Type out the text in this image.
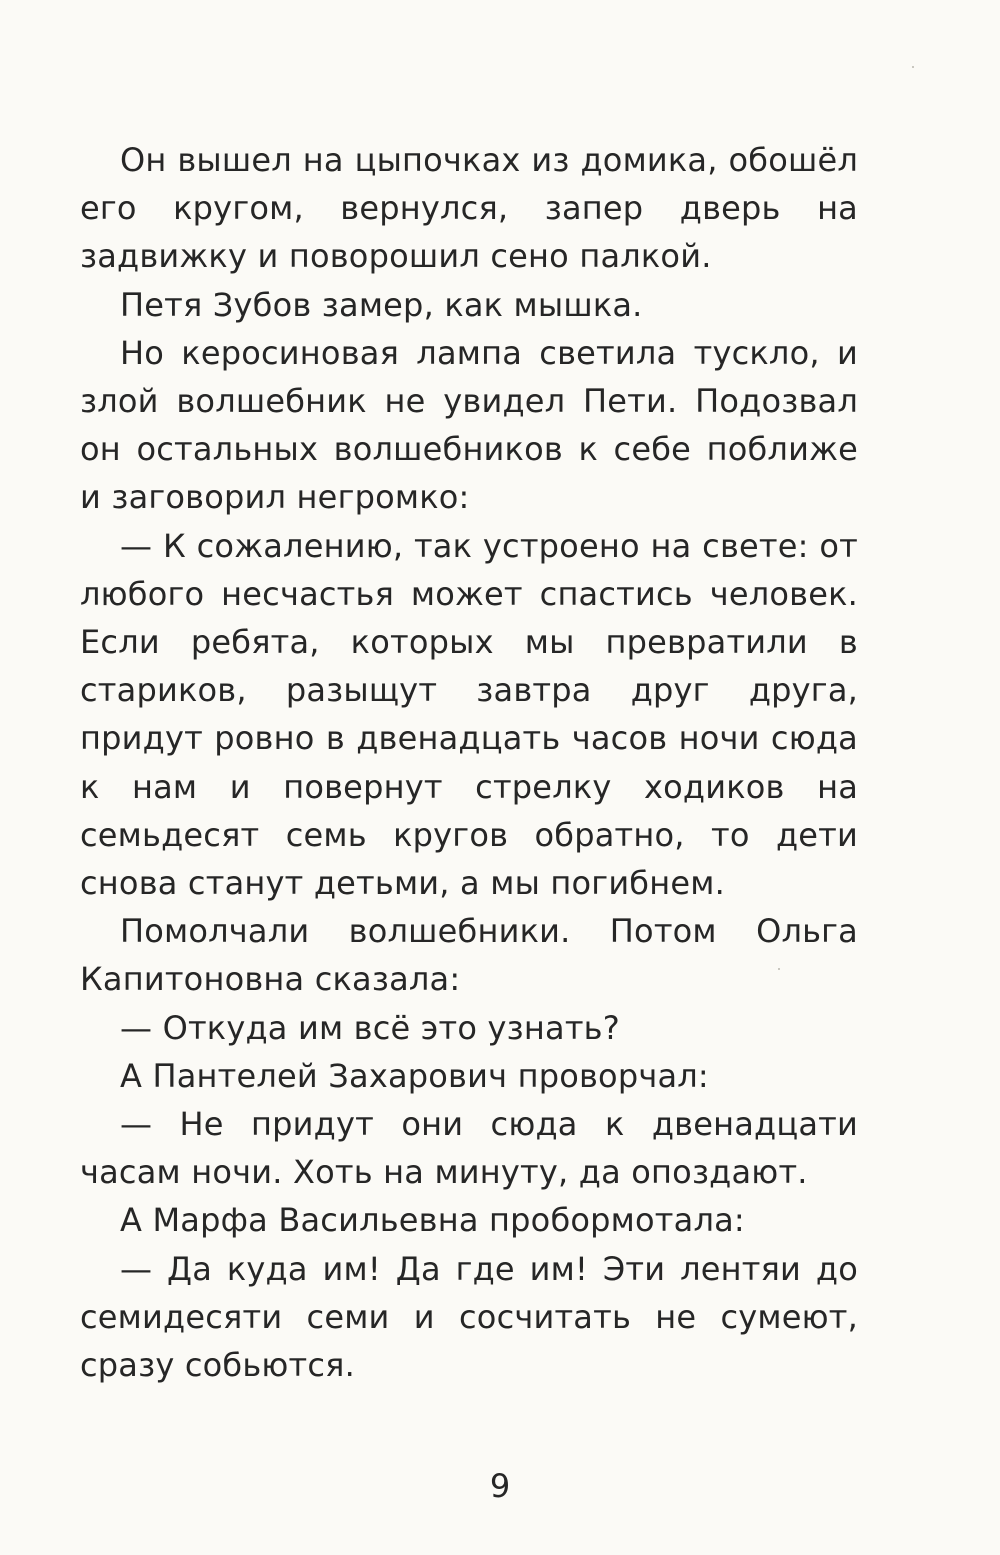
Он вышел на цыпочках из домика, обошёл его кругом, вернулся, запер дверь на задвижку и поворошил сено палкой.

Петя Зубов замер, как мышка.

Но керосиновая лампа светила тускло, и злой волшебник не увидел Пети. Подозвал он остальных волшебников к себе поближе и заговорил негромко:

— К сожалению, так устроено на свете: от любого несчастья может спастись человек. Если ребята, которых мы превратили в стариков, разыщут завтра друг друга, придут ровно в двенадцать часов ночи сюда к нам и повернут стрелку ходиков на семьдесят семь кругов обратно, то дети снова станут детьми, а мы погибнем.

Помолчали волшебники. Потом Ольга Капитоновна сказала:

— Откуда им всё это узнать?

А Пантелей Захарович проворчал:

— Не придут они сюда к двенадцати часам ночи. Хоть на минуту, да опоздают.

А Марфа Васильевна пробормотала:

— Да куда им! Да где им! Эти лентяи до семидесяти семи и сосчитать не сумеют, сразу собьются.

9
